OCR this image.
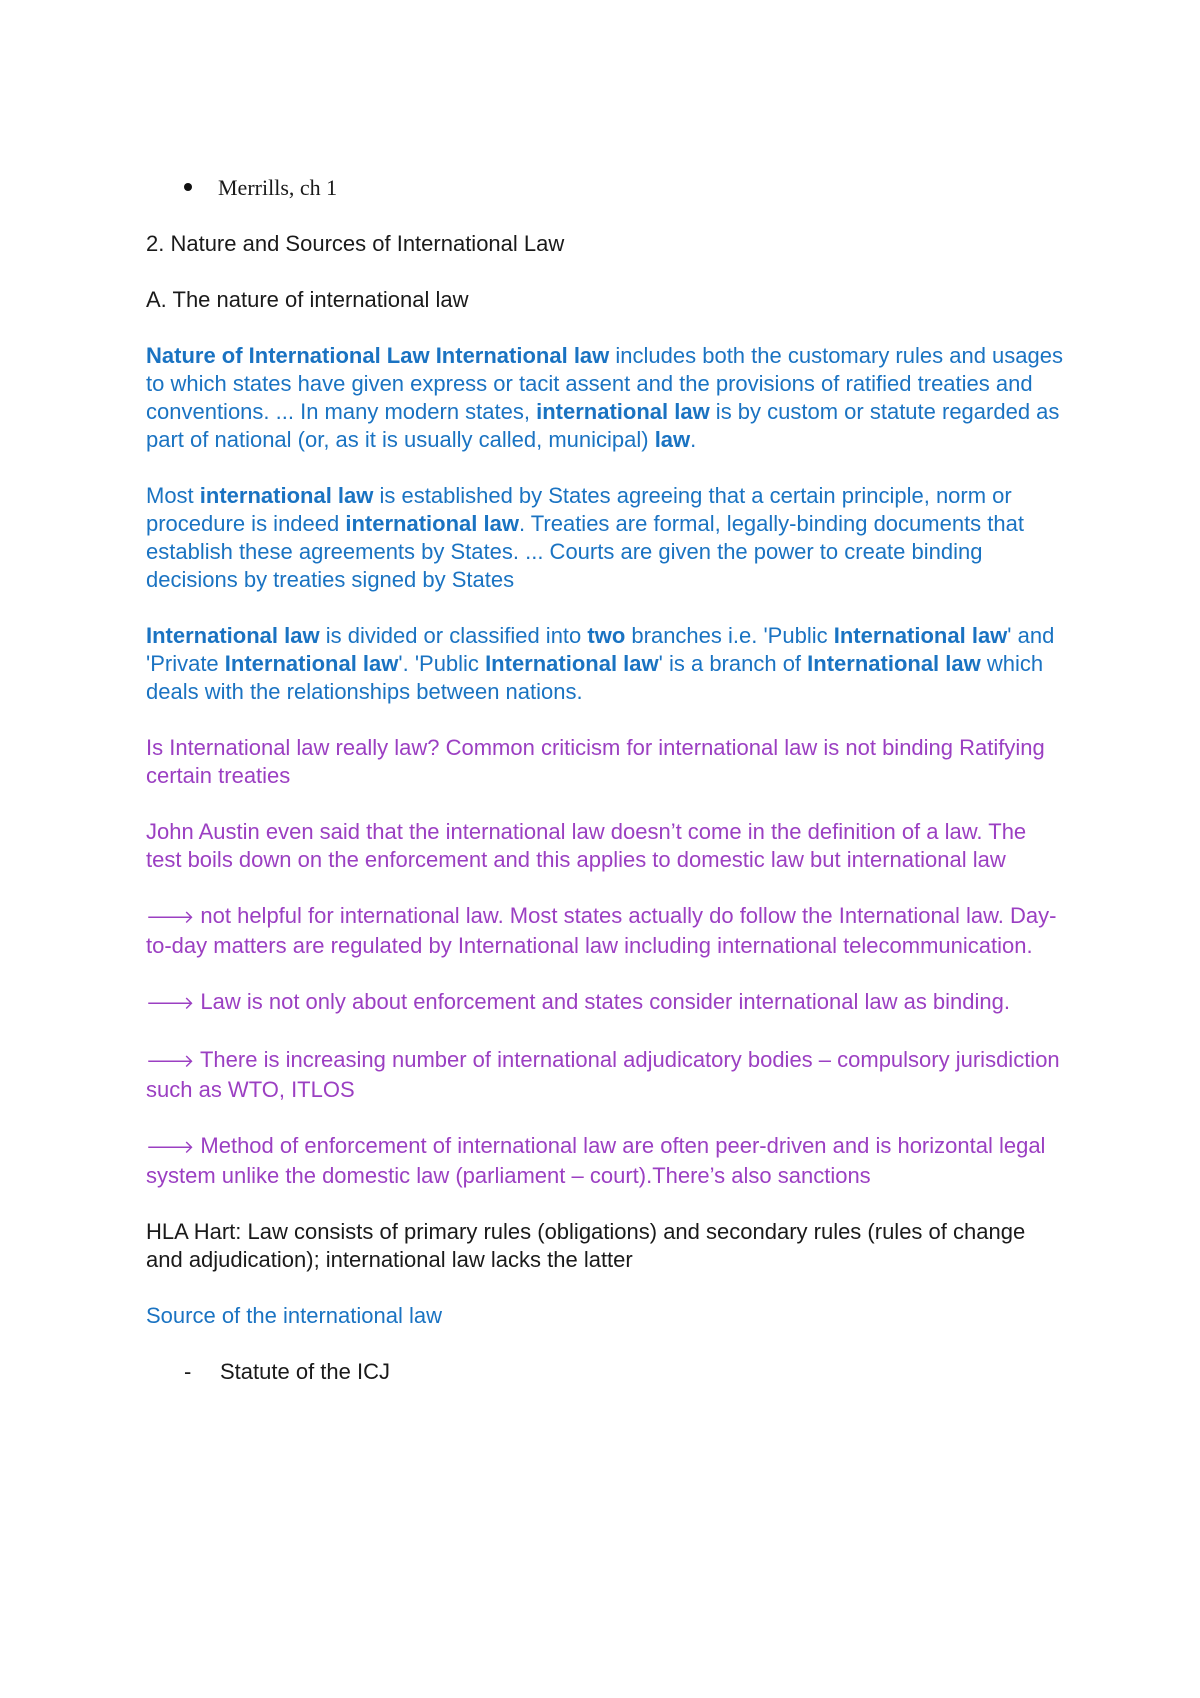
Merrills, ch 1
2. Nature and Sources of International Law
A. The nature of international law
Nature of International Law International law includes both the customary rules and usages to which states have given express or tacit assent and the provisions of ratified treaties and conventions. ... In many modern states, international law is by custom or statute regarded as part of national (or, as it is usually called, municipal) law.
Most international law is established by States agreeing that a certain principle, norm or procedure is indeed international law. Treaties are formal, legally-binding documents that establish these agreements by States. ... Courts are given the power to create binding decisions by treaties signed by States
International law is divided or classified into two branches i.e. 'Public International law' and 'Private International law'. 'Public International law' is a branch of International law which deals with the relationships between nations.
Is International law really law? Common criticism for international law is not binding Ratifying certain treaties
John Austin even said that the international law doesn’t come in the definition of a law. The test boils down on the enforcement and this applies to domestic law but international law
🡒 not helpful for international law. Most states actually do follow the International law. Day-to-day matters are regulated by International law including international telecommunication.
🡒 Law is not only about enforcement and states consider international law as binding.
🡒 There is increasing number of international adjudicatory bodies – compulsory jurisdiction such as WTO, ITLOS
🡒 Method of enforcement of international law are often peer-driven and is horizontal legal system unlike the domestic law (parliament – court).There’s also sanctions
HLA Hart: Law consists of primary rules (obligations) and secondary rules (rules of change and adjudication); international law lacks the latter
Source of the international law
-	Statute of the ICJ
